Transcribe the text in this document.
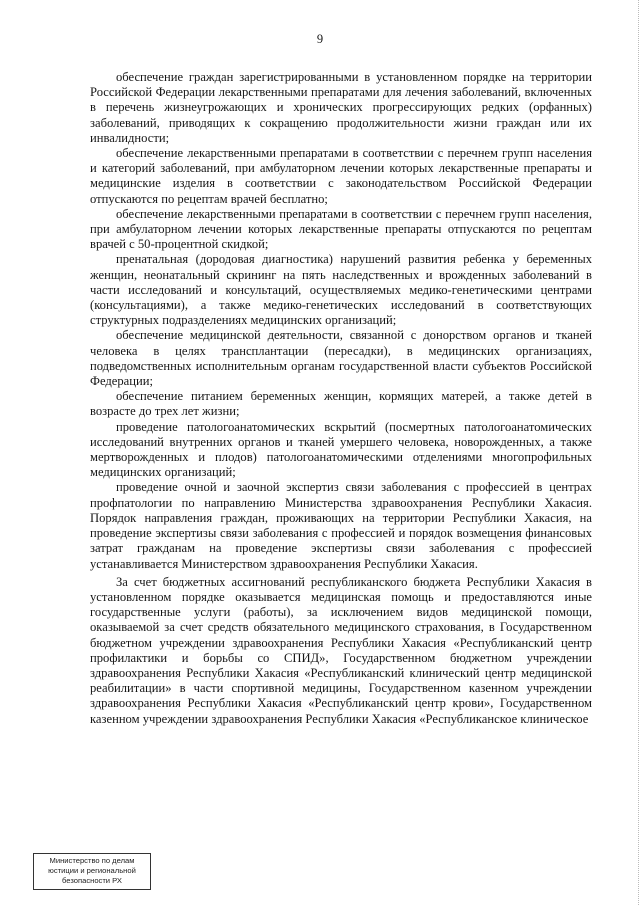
9

обеспечение граждан зарегистрированными в установленном порядке на территории Российской Федерации лекарственными препаратами для лечения заболеваний, включенных в перечень жизнеугрожающих и хронических прогрессирующих редких (орфанных) заболеваний, приводящих к сокращению продолжительности жизни граждан или их инвалидности;

обеспечение лекарственными препаратами в соответствии с перечнем групп населения и категорий заболеваний, при амбулаторном лечении которых лекарственные препараты и медицинские изделия в соответствии с законодательством Российской Федерации отпускаются по рецептам врачей бесплатно;

обеспечение лекарственными препаратами в соответствии с перечнем групп населения, при амбулаторном лечении которых лекарственные препараты отпускаются по рецептам врачей с 50-процентной скидкой;

пренатальная (дородовая диагностика) нарушений развития ребенка у беременных женщин, неонатальный скрининг на пять наследственных и врожденных заболеваний в части исследований и консультаций, осуществляемых медико-генетическими центрами (консультациями), а также медико-генетических исследований в соответствующих структурных подразделениях медицинских организаций;

обеспечение медицинской деятельности, связанной с донорством органов и тканей человека в целях трансплантации (пересадки), в медицинских организациях, подведомственных исполнительным органам государственной власти субъектов Российской Федерации;

обеспечение питанием беременных женщин, кормящих матерей, а также детей в возрасте до трех лет жизни;

проведение патологоанатомических вскрытий (посмертных патологоанатомических исследований внутренних органов и тканей умершего человека, новорожденных, а также мертворожденных и плодов) патологоанатомическими отделениями многопрофильных медицинских организаций;

проведение очной и заочной экспертиз связи заболевания с профессией в центрах профпатологии по направлению Министерства здравоохранения Республики Хакасия. Порядок направления граждан, проживающих на территории Республики Хакасия, на проведение экспертизы связи заболевания с профессией и порядок возмещения финансовых затрат гражданам на проведение экспертизы связи заболевания с профессией устанавливается Министерством здравоохранения Республики Хакасия.

За счет бюджетных ассигнований республиканского бюджета Республики Хакасия в установленном порядке оказывается медицинская помощь и предоставляются иные государственные услуги (работы), за исключением видов медицинской помощи, оказываемой за счет средств обязательного медицинского страхования, в Государственном бюджетном учреждении здравоохранения Республики Хакасия «Республиканский центр профилактики и борьбы со СПИД», Государственном бюджетном учреждении здравоохранения Республики Хакасия «Республиканский клинический центр медицинской реабилитации» в части спортивной медицины, Государственном казенном учреждении здравоохранения Республики Хакасия «Республиканский центр крови», Государственном казенном учреждении здравоохранения Республики Хакасия «Республиканское клиническое

Министерство по делам
юстиции и региональной
безопасности РХ
